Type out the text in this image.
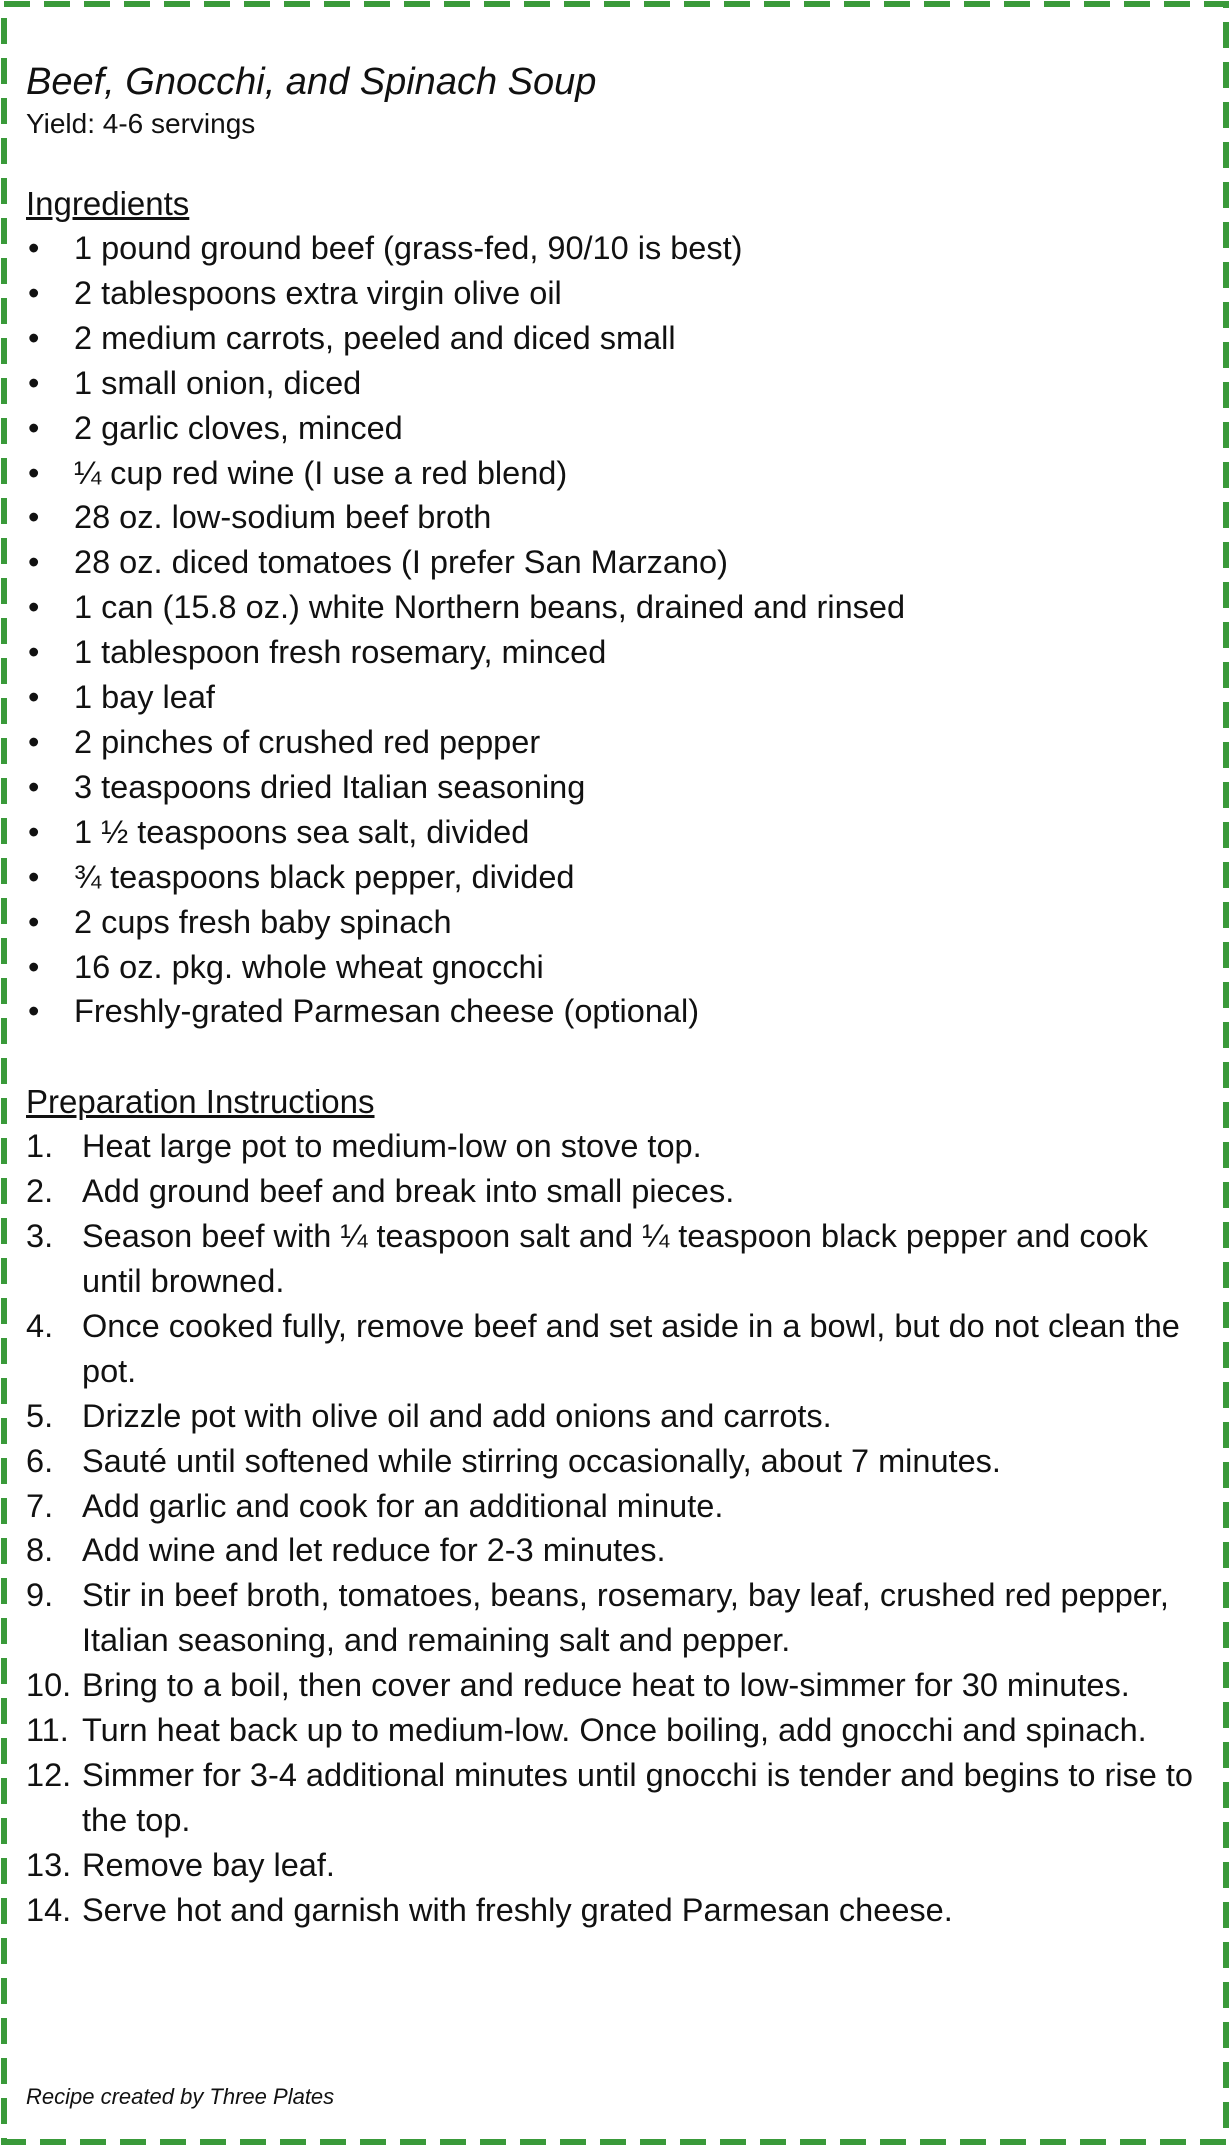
Beef, Gnocchi, and Spinach Soup
Yield: 4-6 servings
Ingredients
• 1 pound ground beef (grass-fed, 90/10 is best)
• 2 tablespoons extra virgin olive oil
• 2 medium carrots, peeled and diced small
• 1 small onion, diced
• 2 garlic cloves, minced
• ¼ cup red wine (I use a red blend)
• 28 oz. low-sodium beef broth
• 28 oz. diced tomatoes (I prefer San Marzano)
• 1 can (15.8 oz.) white Northern beans, drained and rinsed
• 1 tablespoon fresh rosemary, minced
• 1 bay leaf
• 2 pinches of crushed red pepper
• 3 teaspoons dried Italian seasoning
• 1 ½ teaspoons sea salt, divided
• ¾ teaspoons black pepper, divided
• 2 cups fresh baby spinach
• 16 oz. pkg. whole wheat gnocchi
• Freshly-grated Parmesan cheese (optional)
Preparation Instructions
1. Heat large pot to medium-low on stove top.
2. Add ground beef and break into small pieces.
3. Season beef with ¼ teaspoon salt and ¼ teaspoon black pepper and cook until browned.
4. Once cooked fully, remove beef and set aside in a bowl, but do not clean the pot.
5. Drizzle pot with olive oil and add onions and carrots.
6. Sauté until softened while stirring occasionally, about 7 minutes.
7. Add garlic and cook for an additional minute.
8. Add wine and let reduce for 2-3 minutes.
9. Stir in beef broth, tomatoes, beans, rosemary, bay leaf, crushed red pepper, Italian seasoning, and remaining salt and pepper.
10. Bring to a boil, then cover and reduce heat to low-simmer for 30 minutes.
11. Turn heat back up to medium-low. Once boiling, add gnocchi and spinach.
12. Simmer for 3-4 additional minutes until gnocchi is tender and begins to rise to the top.
13. Remove bay leaf.
14. Serve hot and garnish with freshly grated Parmesan cheese.
Recipe created by Three Plates
